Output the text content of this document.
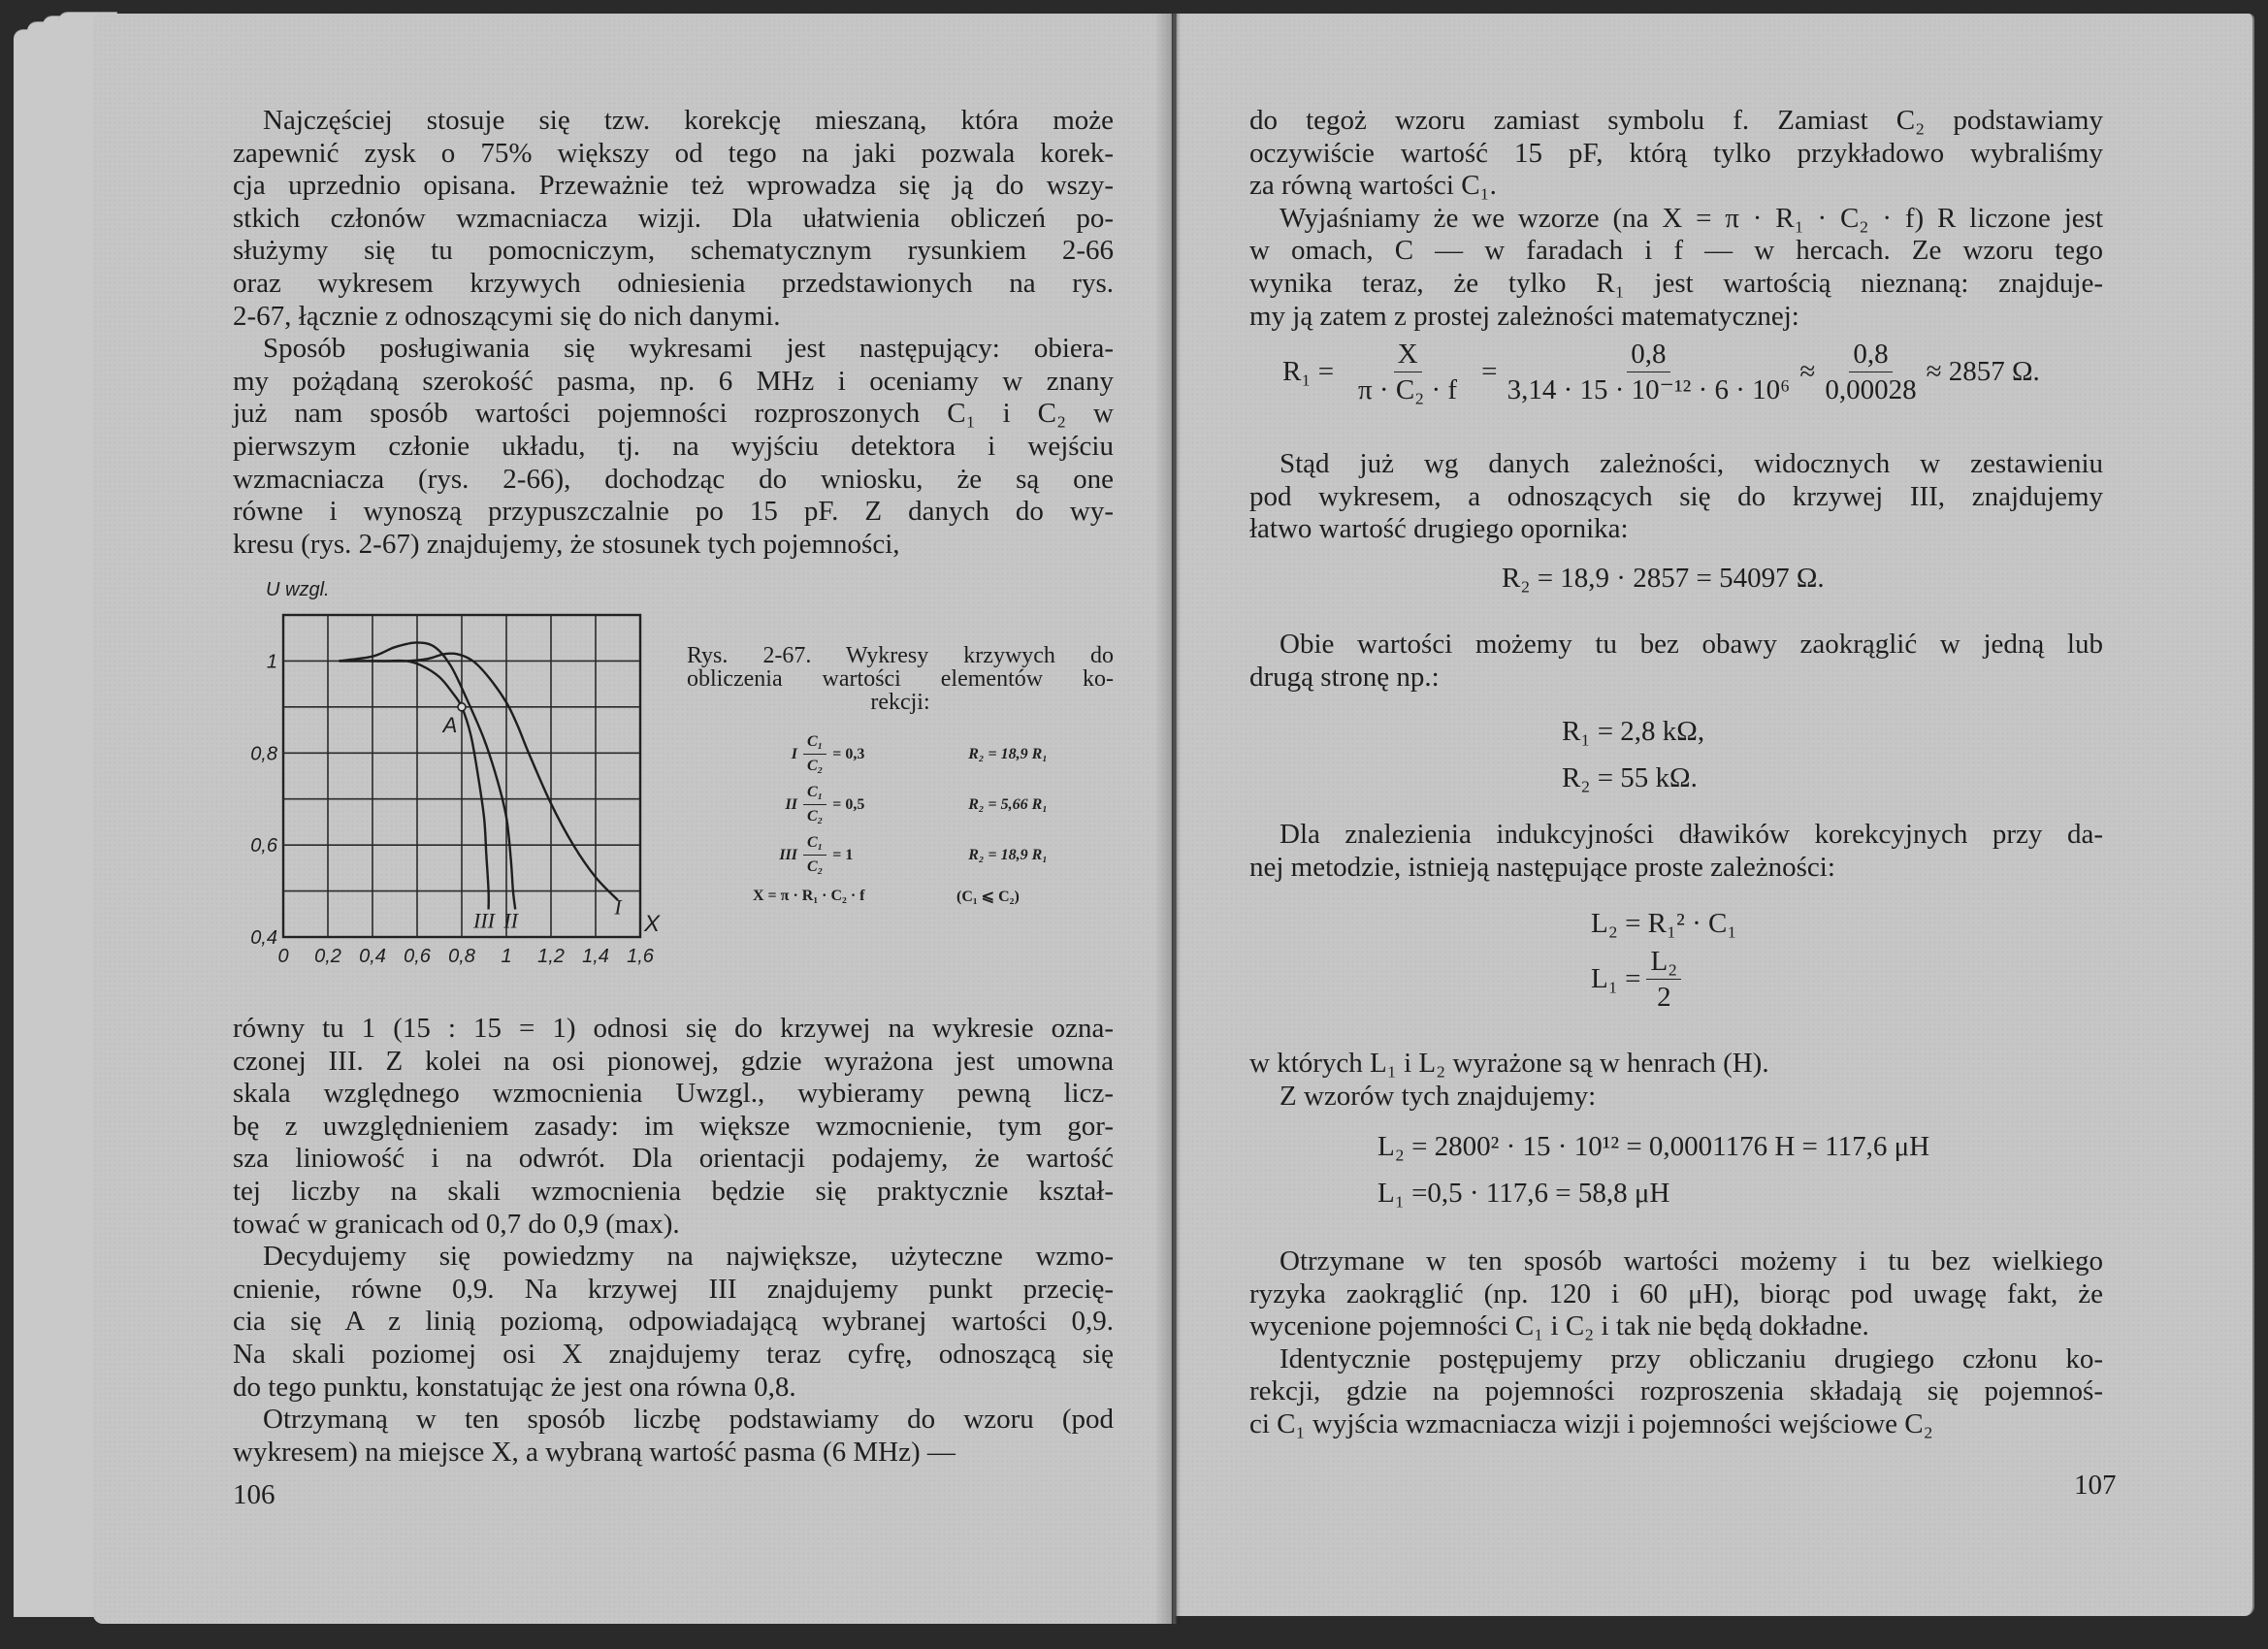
Najczęściej stosuje się tzw. korekcję mieszaną, która może
zapewnić zysk o 75% większy od tego na jaki pozwala korek-
cja uprzednio opisana. Przeważnie też wprowadza się ją do wszy-
stkich członów wzmacniacza wizji. Dla ułatwienia obliczeń po-
służymy się tu pomocniczym, schematycznym rysunkiem 2-66
oraz wykresem krzywych odniesienia przedstawionych na rys.
2-67, łącznie z odnoszącymi się do nich danymi.

Sposób posługiwania się wykresami jest następujący: obiera-
my pożądaną szerokość pasma, np. 6 MHz i oceniamy w znany
już nam sposób wartości pojemności rozproszonych C₁ i C₂ w
pierwszym członie układu, tj. na wyjściu detektora i wejściu
wzmacniacza (rys. 2-66), dochodząc do wniosku, że są one
równe i wynoszą przypuszczalnie po 15 pF. Z danych do wy-
kresu (rys. 2-67) znajdujemy, że stosunek tych pojemności,

U wzgl.
0 0,2 0,4 0,6 0,8 1 1,2 1,4 1,6
0,4
0,6
0,8
1
I
II
III
A
X
Rys. 2-67. Wykresy krzywych do
obliczenia wartości elementów ko-
rekcji:
I $\frac{\text{C₁}}{\text{C₂}} = 0,3$	R₂ = 18,9 R₁
II $\frac{\text{C₁}}{\text{C₂}} = 0,5$	R₂ = 5,66 R₁
III $\frac{\text{C₁}}{\text{C₂}} = 1$	R₂ = 18,9 R₁
X = π · R₁ · C₂ · f	(C₁ ⩽ C₂)

równy tu 1 (15 : 15 = 1) odnosi się do krzywej na wykresie ozna-
czonej III. Z kolei na osi pionowej, gdzie wyrażona jest umowna
skala względnego wzmocnienia Uwzgl., wybieramy pewną licz-
bę z uwzględnieniem zasady: im większe wzmocnienie, tym gor-
sza liniowość i na odwrót. Dla orientacji podajemy, że wartość
tej liczby na skali wzmocnienia będzie się praktycznie kształ-
tować w granicach od 0,7 do 0,9 (max).

Decydujemy się powiedzmy na największe, użyteczne wzmo-
cnienie, równe 0,9. Na krzywej III znajdujemy punkt przecię-
cia się A z linią poziomą, odpowiadającą wybranej wartości 0,9.
Na skali poziomej osi X znajdujemy teraz cyfrę, odnoszącą się
do tego punktu, konstatując że jest ona równa 0,8.

Otrzymaną w ten sposób liczbę podstawiamy do wzoru (pod
wykresem) na miejsce X, a wybraną wartość pasma (6 MHz) —

106

do tegoż wzoru zamiast symbolu f. Zamiast C₂ podstawiamy
oczywiście wartość 15 pF, którą tylko przykładowo wybraliśmy
za równą wartości C₁.

Wyjaśniamy że we wzorze (na X = π · R₁ · C₂ · f) R liczone jest
w omach, C — w faradach i f — w hercach. Ze wzoru tego
wynika teraz, że tylko R₁ jest wartością nieznaną: znajduje-
my ją zatem z prostej zależności matematycznej:

$R_1 = \frac{X}{\text{π · C₂ · f}} = \frac{0,8}{\text{3,14 · 15 · 10⁻¹² · 6 · 10⁶}} \approx \frac{0,8}{0,00028} \approx 2857$ Ω.

Stąd już wg danych zależności, widocznych w zestawieniu
pod wykresem, a odnoszących się do krzywej III, znajdujemy
łatwo wartość drugiego opornika:

R₂ = 18,9 · 2857 = 54097 Ω.

Obie wartości możemy tu bez obawy zaokrąglić w jedną lub
drugą stronę np.:

R₁ = 2,8 kΩ,
R₂ = 55 kΩ.

Dla znalezienia indukcyjności dławików korekcyjnych przy da-
nej metodzie, istnieją następujące proste zależności:

L₂ = R₁² · C₁
$L_1 = \frac{\text{L₂}}{2}$

w których L₁ i L₂ wyrażone są w henrach (H).
Z wzorów tych znajdujemy:

L₂ = 2800² · 15 · 10¹² = 0,0001176 H = 117,6 μH
L₁ =0,5 · 117,6 = 58,8 μH

Otrzymane w ten sposób wartości możemy i tu bez wielkiego
ryzyka zaokrąglić (np. 120 i 60 μH), biorąc pod uwagę fakt, że
wycenione pojemności C₁ i C₂ i tak nie będą dokładne.

Identycznie postępujemy przy obliczaniu drugiego członu ko-
rekcji, gdzie na pojemności rozproszenia składają się pojemnoś-
ci C₁ wyjścia wzmacniacza wizji i pojemności wejściowe C₂

107
